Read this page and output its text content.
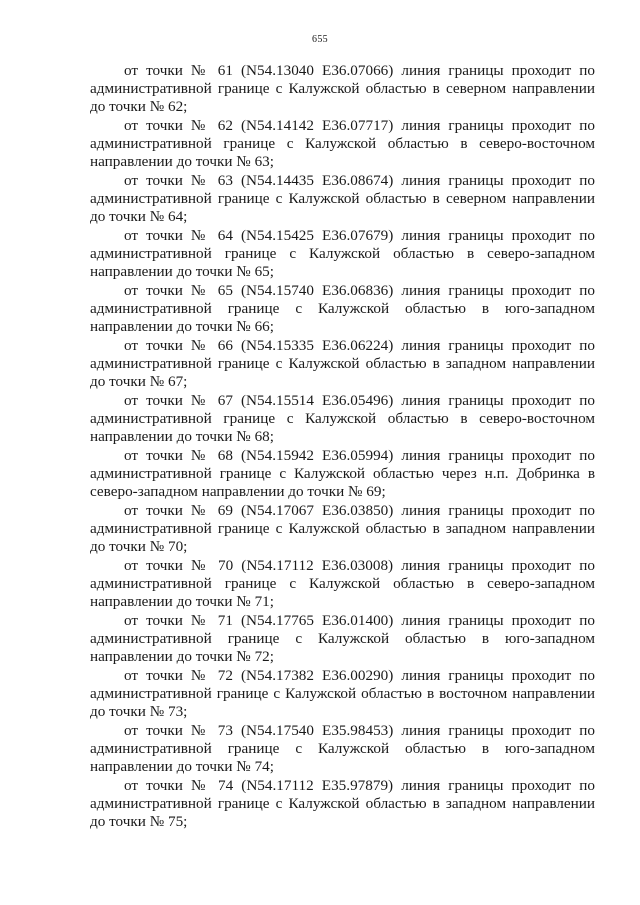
655

от точки № 61 (N54.13040 E36.07066) линия границы проходит по административной границе с Калужской областью в северном направлении до точки № 62;

от точки № 62 (N54.14142 E36.07717) линия границы проходит по административной границе с Калужской областью в северо-восточном направлении до точки № 63;

от точки № 63 (N54.14435 E36.08674) линия границы проходит по административной границе с Калужской областью в северном направлении до точки № 64;

от точки № 64 (N54.15425 E36.07679) линия границы проходит по административной границе с Калужской областью в северо-западном направлении до точки № 65;

от точки № 65 (N54.15740 E36.06836) линия границы проходит по административной границе с Калужской областью в юго-западном направлении до точки № 66;

от точки № 66 (N54.15335 E36.06224) линия границы проходит по административной границе с Калужской областью в западном направлении до точки № 67;

от точки № 67 (N54.15514 E36.05496) линия границы проходит по административной границе с Калужской областью в северо-восточном направлении до точки № 68;

от точки № 68 (N54.15942 E36.05994) линия границы проходит по административной границе с Калужской областью через н.п. Добринка в северо-западном направлении до точки № 69;

от точки № 69 (N54.17067 E36.03850) линия границы проходит по административной границе с Калужской областью в западном направлении до точки № 70;

от точки № 70 (N54.17112 E36.03008) линия границы проходит по административной границе с Калужской областью в северо-западном направлении до точки № 71;

от точки № 71 (N54.17765 E36.01400) линия границы проходит по административной границе с Калужской областью в юго-западном направлении до точки № 72;

от точки № 72 (N54.17382 E36.00290) линия границы проходит по административной границе с Калужской областью в восточном направлении до точки № 73;

от точки № 73 (N54.17540 E35.98453) линия границы проходит по административной границе с Калужской областью в юго-западном направлении до точки № 74;

от точки № 74 (N54.17112 E35.97879) линия границы проходит по административной границе с Калужской областью в западном направлении до точки № 75;
